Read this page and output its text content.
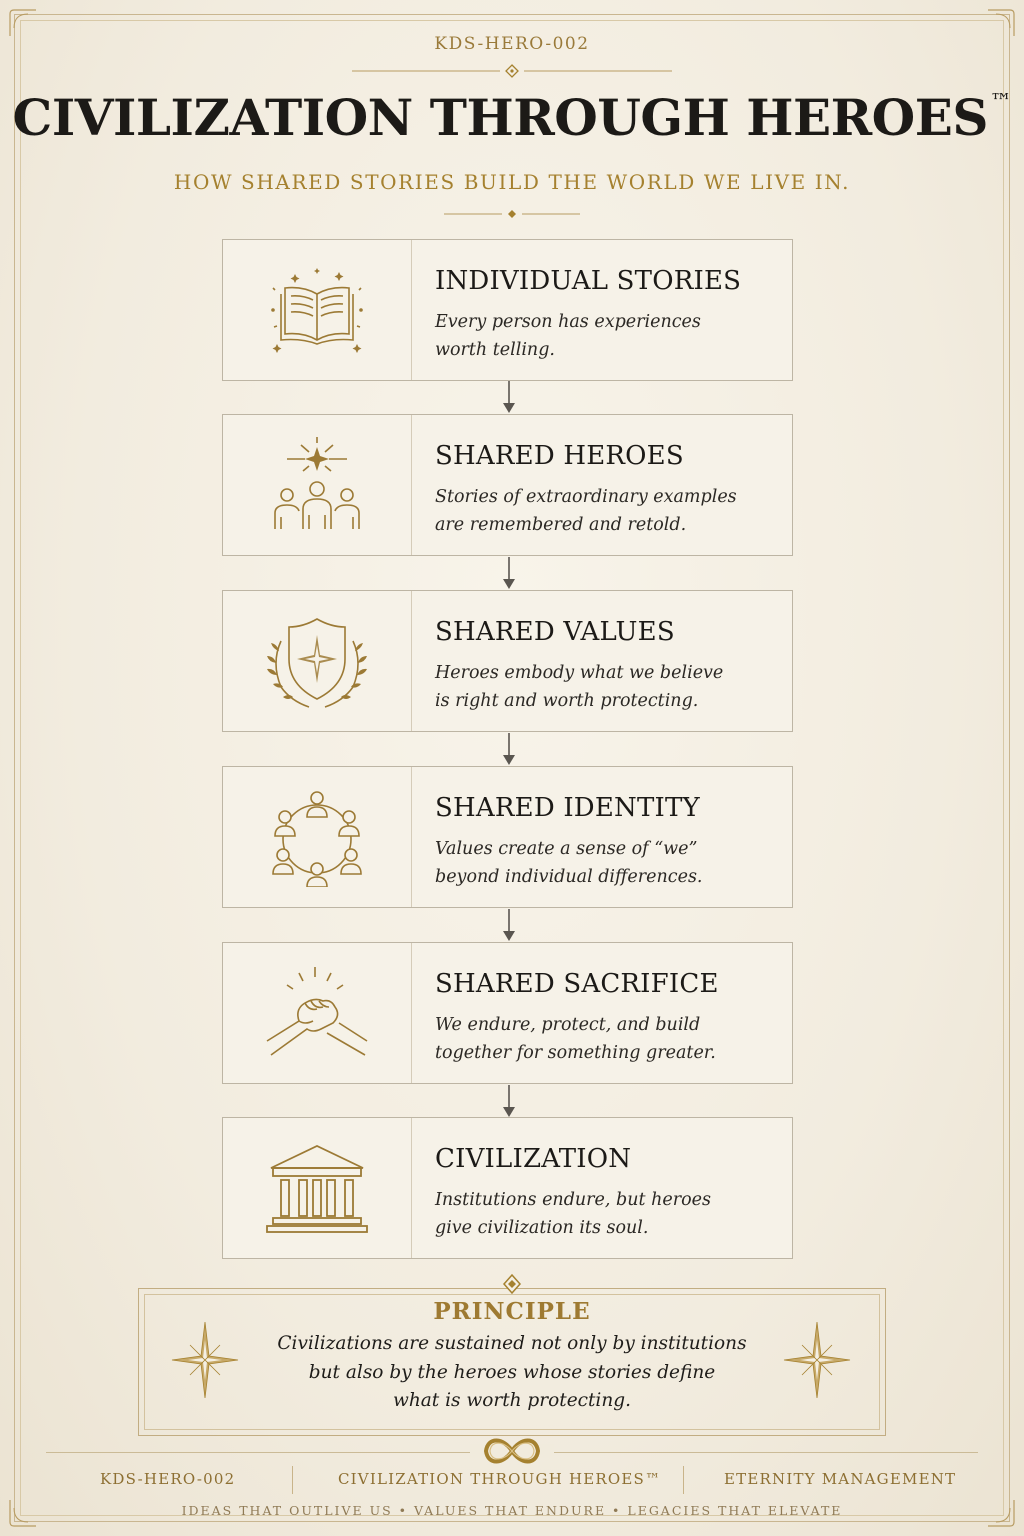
KDS-HERO-002
CIVILIZATION THROUGH HEROES™
HOW SHARED STORIES BUILD THE WORLD WE LIVE IN.
INDIVIDUAL STORIES
Every person has experiences
worth telling.
SHARED HEROES
Stories of extraordinary examples
are remembered and retold.
SHARED VALUES
Heroes embody what we believe
is right and worth protecting.
SHARED IDENTITY
Values create a sense of “we”
beyond individual differences.
SHARED SACRIFICE
We endure, protect, and build
together for something greater.
CIVILIZATION
Institutions endure, but heroes
give civilization its soul.
PRINCIPLE
Civilizations are sustained not only by institutions
but also by the heroes whose stories define
what is worth protecting.
KDS-HERO-002	CIVILIZATION THROUGH HEROES™	ETERNITY MANAGEMENT
IDEAS THAT OUTLIVE US • VALUES THAT ENDURE • LEGACIES THAT ELEVATE
